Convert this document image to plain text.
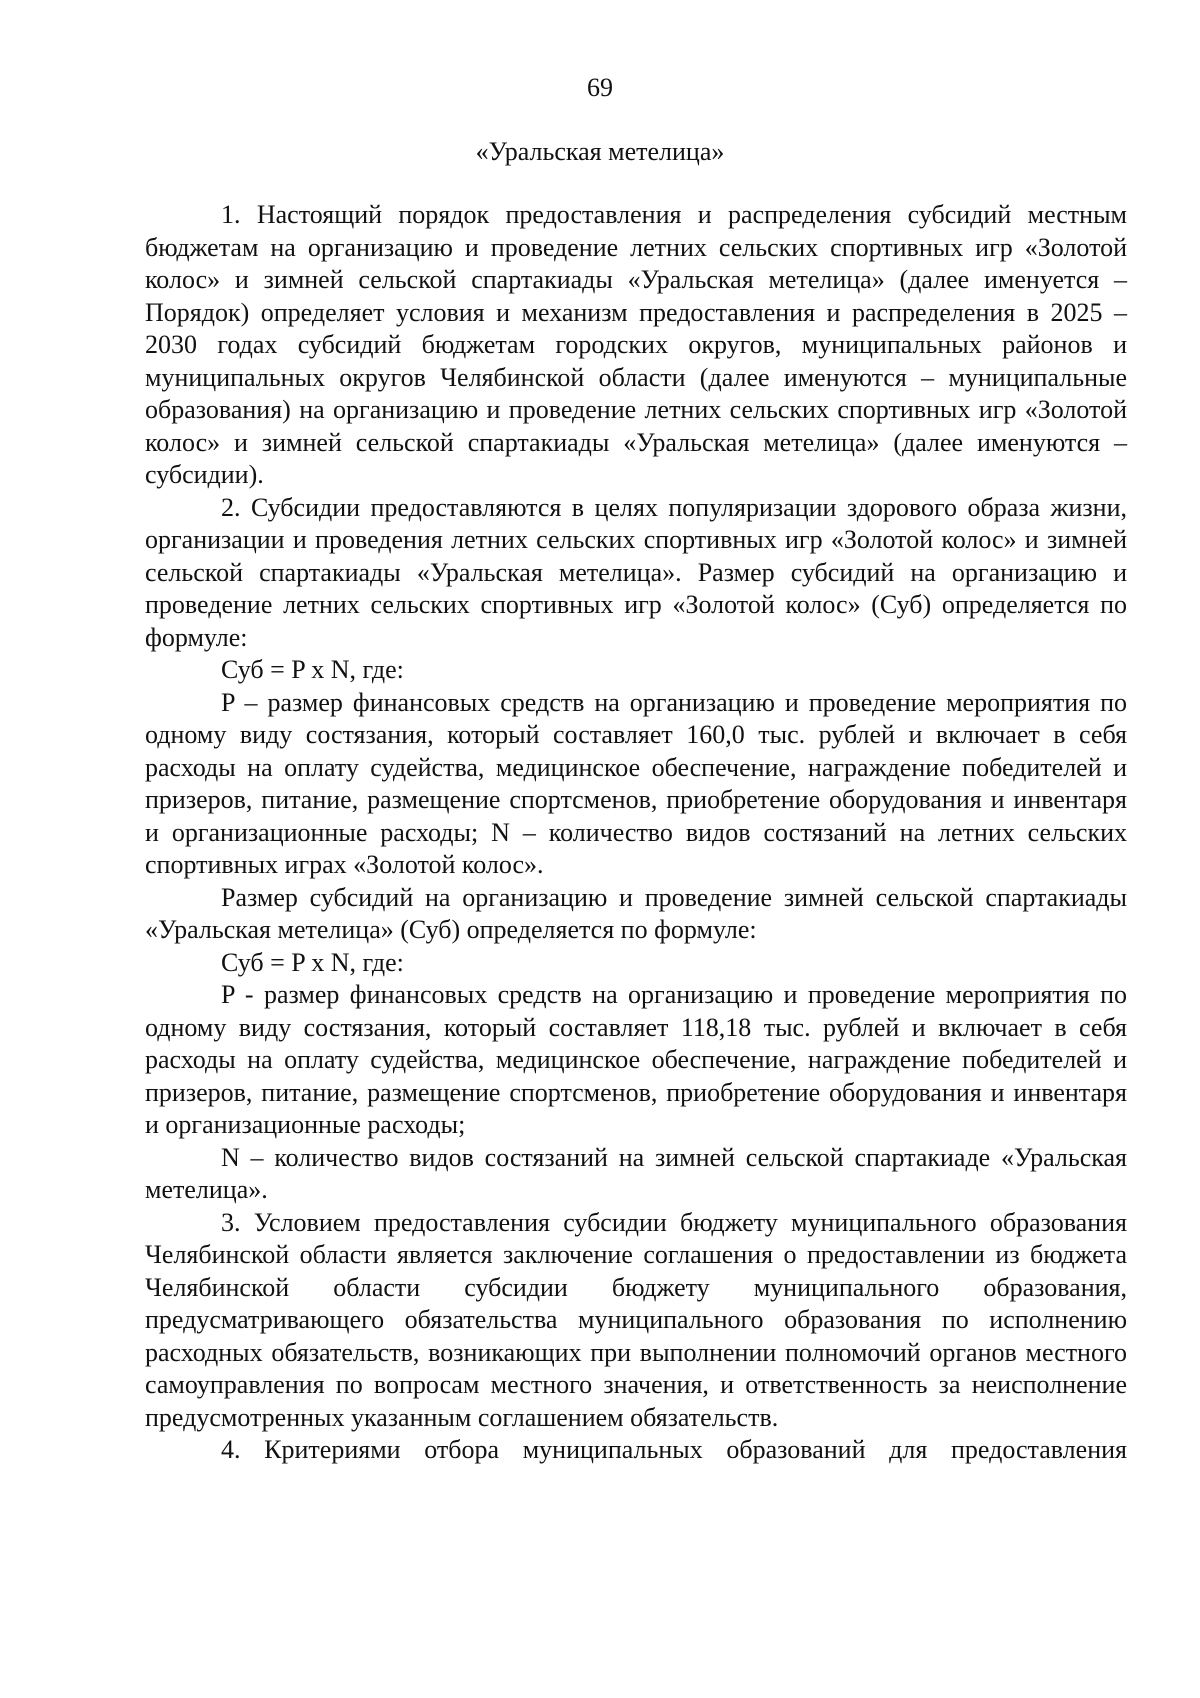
69
«Уральская метелица»

1. Настоящий порядок предоставления и распределения субсидий местным бюджетам на организацию и проведение летних сельских спортивных игр «Золотой колос» и зимней сельской спартакиады «Уральская метелица» (далее именуется – Порядок) определяет условия и механизм предоставления и распределения в 2025 – 2030 годах субсидий бюджетам городских округов, муниципальных районов и муниципальных округов Челябинской области (далее именуются – муниципальные образования) на организацию и проведение летних сельских спортивных игр «Золотой колос» и зимней сельской спартакиады «Уральская метелица» (далее именуются – субсидии).

2. Субсидии предоставляются в целях популяризации здорового образа жизни, организации и проведения летних сельских спортивных игр «Золотой колос» и зимней сельской спартакиады «Уральская метелица». Размер субсидий на организацию и проведение летних сельских спортивных игр «Золотой колос» (Суб) определяется по формуле:

Суб = P x N, где:

P – размер финансовых средств на организацию и проведение мероприятия по одному виду состязания, который составляет 160,0 тыс. рублей и включает в себя расходы на оплату судейства, медицинское обеспечение, награждение победителей и призеров, питание, размещение спортсменов, приобретение оборудования и инвентаря и организационные расходы; N – количество видов состязаний на летних сельских спортивных играх «Золотой колос».

Размер субсидий на организацию и проведение зимней сельской спартакиады «Уральская метелица» (Суб) определяется по формуле:

Суб = P x N, где:

P - размер финансовых средств на организацию и проведение мероприятия по одному виду состязания, который составляет 118,18 тыс. рублей и включает в себя расходы на оплату судейства, медицинское обеспечение, награждение победителей и призеров, питание, размещение спортсменов, приобретение оборудования и инвентаря и организационные расходы;

N – количество видов состязаний на зимней сельской спартакиаде «Уральская метелица».

3. Условием предоставления субсидии бюджету муниципального образования Челябинской области является заключение соглашения о предоставлении из бюджета Челябинской области субсидии бюджету муниципального образования, предусматривающего обязательства муниципального образования по исполнению расходных обязательств, возникающих при выполнении полномочий органов местного самоуправления по вопросам местного значения, и ответственность за неисполнение предусмотренных указанным соглашением обязательств.

4. Критериями отбора муниципальных образований для предоставления
